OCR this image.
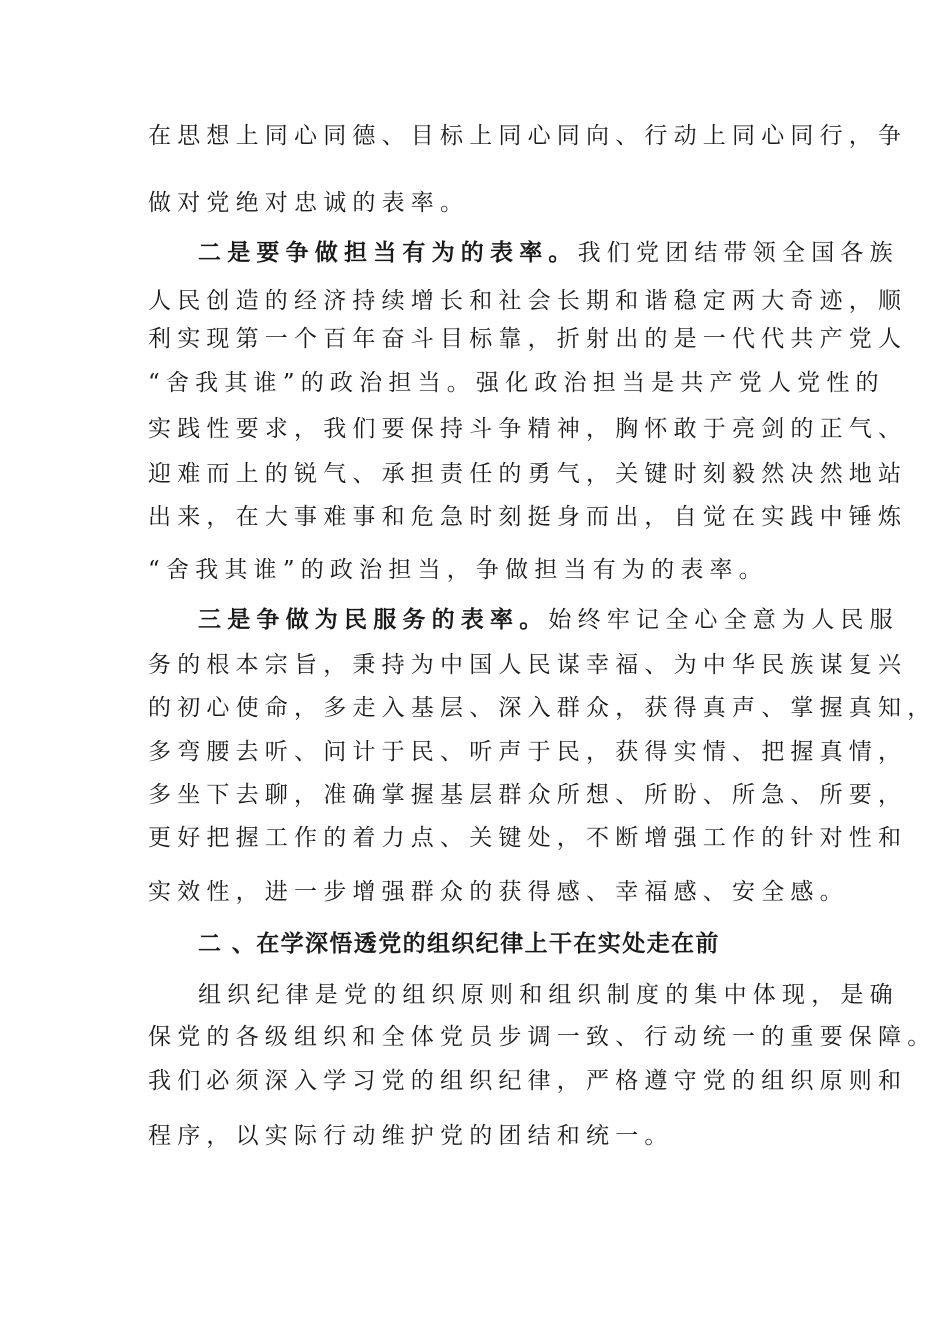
在思想上同心同德、目标上同心同向、行动上同心同行，争
做对党绝对忠诚的表率。
二是要争做担当有为的表率。我们党团结带领全国各族
人民创造的经济持续增长和社会长期和谐稳定两大奇迹，顺
利实现第一个百年奋斗目标靠，折射出的是一代代共产党人
“舍我其谁”的政治担当。强化政治担当是共产党人党性的
实践性要求，我们要保持斗争精神，胸怀敢于亮剑的正气、
迎难而上的锐气、承担责任的勇气，关键时刻毅然决然地站
出来，在大事难事和危急时刻挺身而出，自觉在实践中锤炼
“舍我其谁”的政治担当，争做担当有为的表率。
三是争做为民服务的表率。始终牢记全心全意为人民服
务的根本宗旨，秉持为中国人民谋幸福、为中华民族谋复兴
的初心使命，多走入基层、深入群众，获得真声、掌握真知，
多弯腰去听、问计于民、听声于民，获得实情、把握真情，
多坐下去聊，准确掌握基层群众所想、所盼、所急、所要，
更好把握工作的着力点、关键处，不断增强工作的针对性和
实效性，进一步增强群众的获得感、幸福感、安全感。
二 、在学深悟透党的组织纪律上干在实处走在前
组织纪律是党的组织原则和组织制度的集中体现，是确
保党的各级组织和全体党员步调一致、行动统一的重要保障。
我们必须深入学习党的组织纪律，严格遵守党的组织原则和
程序，以实际行动维护党的团结和统一。
